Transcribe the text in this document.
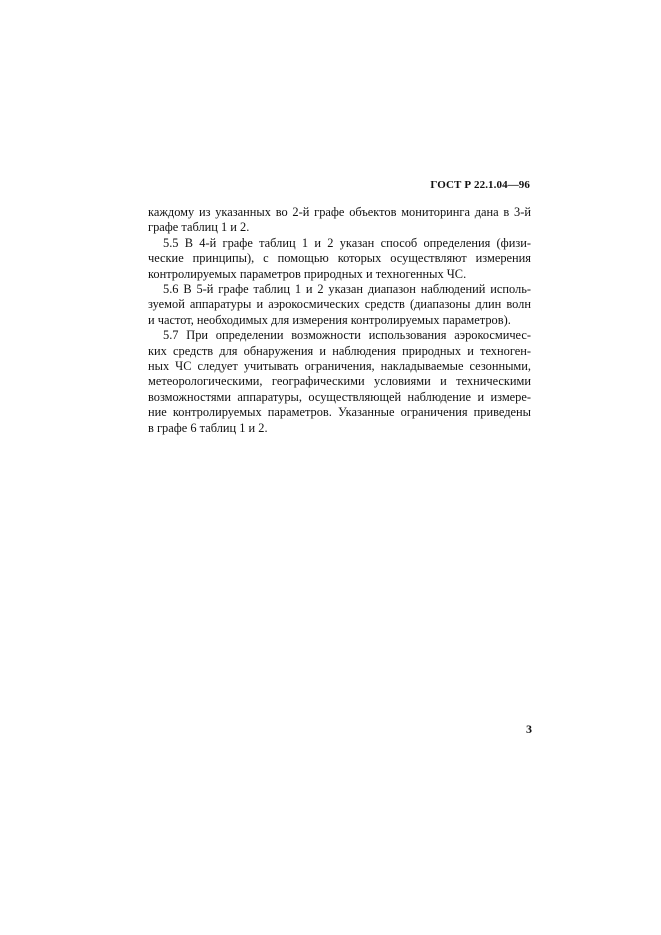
ГОСТ Р 22.1.04—96
каждому из указанных во 2-й графе объектов мониторинга дана в 3-й
графе таблиц 1 и 2.
5.5 В 4-й графе таблиц 1 и 2 указан способ определения (физи-
ческие принципы), с помощью которых осуществляют измерения
контролируемых параметров природных и техногенных ЧС.
5.6 В 5-й графе таблиц 1 и 2 указан диапазон наблюдений исполь-
зуемой аппаратуры и аэрокосмических средств (диапазоны длин волн
и частот, необходимых для измерения контролируемых параметров).
5.7 При определении возможности использования аэрокосмичес-
ких средств для обнаружения и наблюдения природных и техноген-
ных ЧС следует учитывать ограничения, накладываемые сезонными,
метеорологическими, географическими условиями и техническими
возможностями аппаратуры, осуществляющей наблюдение и измере-
ние контролируемых параметров. Указанные ограничения приведены
в графе 6 таблиц 1 и 2.
3
